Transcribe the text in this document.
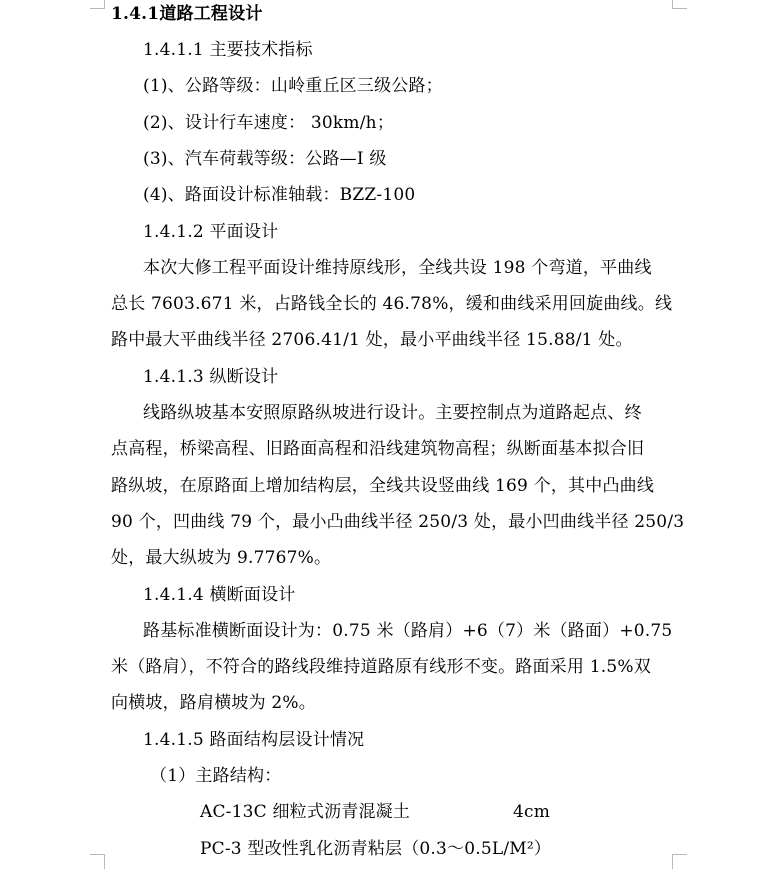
1.4.1道路工程设计
1.4.1.1 主要技术指标
(1)、公路等级：山岭重丘区三级公路；
(2)、设计行车速度： 30km/h；
(3)、汽车荷载等级：公路—I 级
(4)、路面设计标准轴载：BZZ-100
1.4.1.2 平面设计
本次大修工程平面设计维持原线形，全线共设 198 个弯道，平曲线
总长 7603.671 米，占路钱全长的 46.78%，缓和曲线采用回旋曲线。线
路中最大平曲线半径 2706.41/1 处，最小平曲线半径 15.88/1 处。
1.4.1.3 纵断设计
线路纵坡基本安照原路纵坡进行设计。主要控制点为道路起点、终
点高程，桥梁高程、旧路面高程和沿线建筑物高程；纵断面基本拟合旧
路纵坡，在原路面上增加结构层，全线共设竖曲线 169 个，其中凸曲线
90 个，凹曲线 79 个，最小凸曲线半径 250/3 处，最小凹曲线半径 250/3
处，最大纵坡为 9.7767%。
1.4.1.4 横断面设计
路基标准横断面设计为：0.75 米（路肩）+6（7）米（路面）+0.75
米（路肩），不符合的路线段维持道路原有线形不变。路面采用 1.5%双
向横坡，路肩横坡为 2%。
1.4.1.5 路面结构层设计情况
（1）主路结构：
AC-13C 细粒式沥青混凝土	4cm
PC-3 型改性乳化沥青粘层（0.3～0.5L/M²）
